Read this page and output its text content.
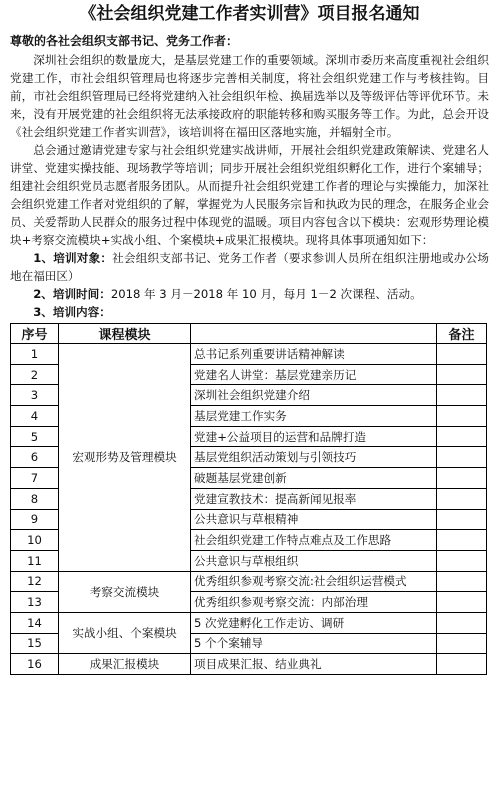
《社会组织党建工作者实训营》项目报名通知

尊敬的各社会组织支部书记、党务工作者：

深圳社会组织的数量庞大，是基层党建工作的重要领域。深圳市委历来高度重视社会组织党建工作，市社会组织管理局也将逐步完善相关制度，将社会组织党建工作与考核挂钩。目前，市社会组织管理局已经将党建纳入社会组织年检、换届选举以及等级评估等评优环节。未来，没有开展党建的社会组织将无法承接政府的职能转移和购买服务等工作。为此，总会开设《社会组织党建工作者实训营》，该培训将在福田区落地实施，并辐射全市。

总会通过邀请党建专家与社会组织党建实战讲师，开展社会组织党建政策解读、党建名人讲堂、党建实操技能、现场教学等培训；同步开展社会组织党组织孵化工作，进行个案辅导；组建社会组织党员志愿者服务团队。从而提升社会组织党建工作者的理论与实操能力，加深社会组织党建工作者对党组织的了解，掌握党为人民服务宗旨和执政为民的理念，在服务企业会员、关爱帮助人民群众的服务过程中体现党的温暖。项目内容包含以下模块：宏观形势理论模块+考察交流模块+实战小组、个案模块+成果汇报模块。现将具体事项通知如下：

1、培训对象：社会组织支部书记、党务工作者（要求参训人员所在组织注册地或办公场地在福田区）

2、培训时间：2018 年 3 月－2018 年 10 月，每月 1－2 次课程、活动。

3、培训内容：

序号	课程模块		备注
1	宏观形势及管理模块	总书记系列重要讲话精神解读	
2		党建名人讲堂：基层党建亲历记	
3		深圳社会组织党建介绍	
4		基层党建工作实务	
5		党建+公益项目的运营和品牌打造	
6		基层党组织活动策划与引领技巧	
7		破题基层党建创新	
8		党建宣教技术：提高新闻见报率	
9		公共意识与草根精神	
10		社会组织党建工作特点难点及工作思路	
11		公共意识与草根组织	
12	考察交流模块	优秀组织参观考察交流:社会组织运营模式	
13		优秀组织参观考察交流：内部治理	
14	实战小组、个案模块	5 次党建孵化工作走访、调研	
15		5 个个案辅导	
16	成果汇报模块	项目成果汇报、结业典礼	
